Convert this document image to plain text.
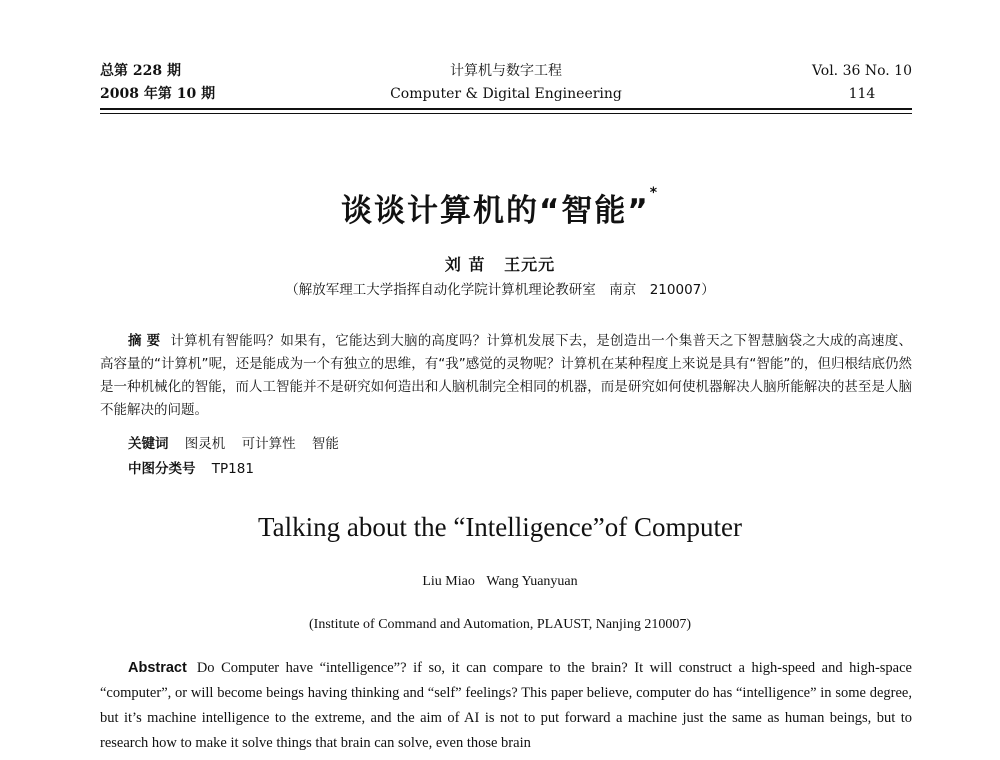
总第 228 期
2008 年第 10 期
计算机与数字工程
Computer & Digital Engineering
Vol. 36 No. 10
114
谈谈计算机的“智能”*
刘 苗 王元元
（解放军理工大学指挥自动化学院计算机理论教研室　南京　210007）
摘 要 计算机有智能吗？如果有，它能达到大脑的高度吗？计算机发展下去，是创造出一个集普天之下智慧脑袋之大成的高速度、高容量的“计算机”呢，还是能成为一个有独立的思维，有“我”感觉的灵物呢？计算机在某种程度上来说是具有“智能”的，但归根结底仍然是一种机械化的智能，而人工智能并不是研究如何造出和人脑机制完全相同的机器，而是研究如何使机器解决人脑所能解决的甚至是人脑不能解决的问题。
关键词 图灵机 可计算性 智能
中图分类号 TP181
Talking about the “Intelligence”of Computer
Liu Miao Wang Yuanyuan
(Institute of Command and Automation, PLAUST, Nanjing 210007)
Abstract Do Computer have “intelligence”? if so, it can compare to the brain? It will construct a high-speed and high-space “computer”, or will become beings having thinking and “self” feelings? This paper believe, computer do has “intelligence” in some degree, but it’s machine intelligence to the extreme, and the aim of AI is not to put forward a machine just the same as human beings, but to research how to make it solve things that brain can solve, even those brain
